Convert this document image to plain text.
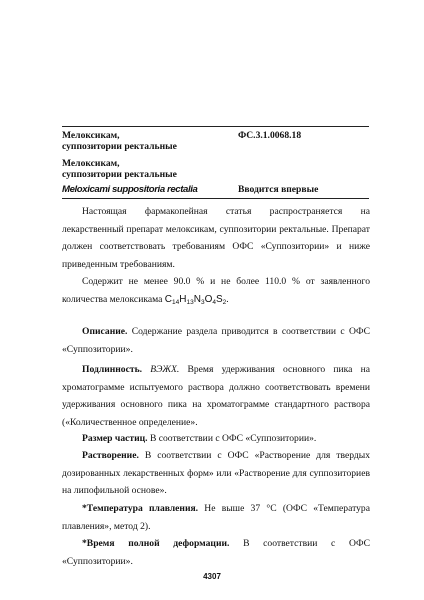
Мелоксикам,
суппозитории ректальные
ФС.3.1.0068.18
Мелоксикам,
суппозитории ректальные
Meloxicami suppositoria rectalia	Вводится впервые
Настоящая фармакопейная статья распространяется на лекарственный препарат мелоксикам, суппозитории ректальные. Препарат должен соответствовать требованиям ОФС «Суппозитории» и ниже приведенным требованиям.
Содержит не менее 90.0 % и не более 110.0 % от заявленного количества мелоксикама $C_{14}H_{13}N_3O_4S_2$.
Описание. Содержание раздела приводится в соответствии с ОФС «Суппозитории».
Подлинность. ВЭЖХ. Время удерживания основного пика на хроматограмме испытуемого раствора должно соответствовать времени удерживания основного пика на хроматограмме стандартного раствора («Количественное определение».
Размер частиц. В соответствии с ОФС «Суппозитории».
Растворение. В соответствии с ОФС «Растворение для твердых дозированных лекарственных форм» или «Растворение для суппозиториев на липофильной основе».
*Температура плавления. Не выше 37 °С (ОФС «Температура плавления», метод 2).
*Время полной деформации. В соответствии с ОФС «Суппозитории».
4307
